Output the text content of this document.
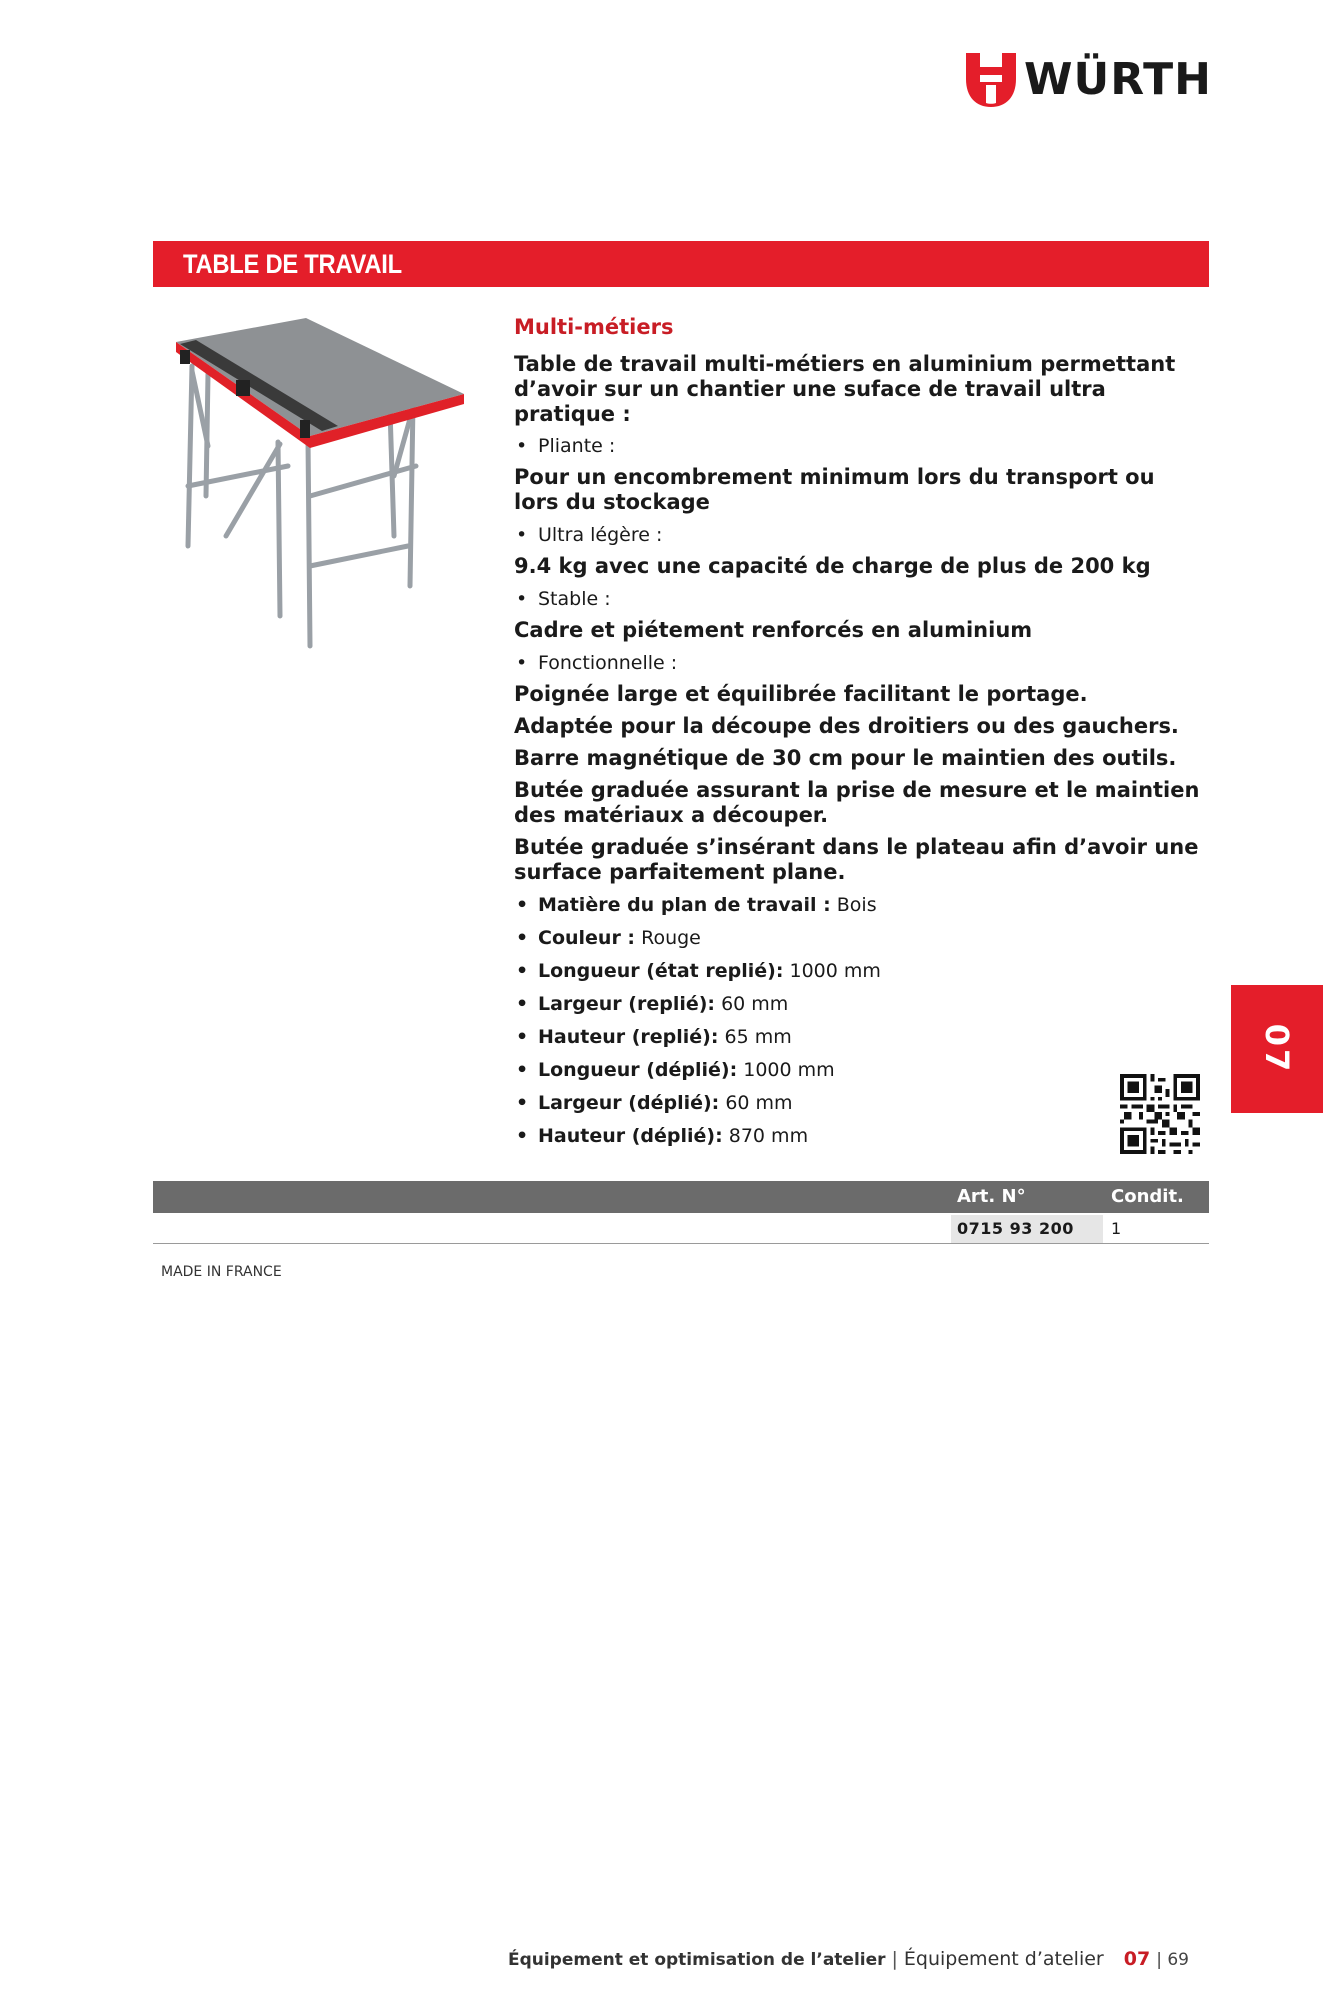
WÜRTH
TABLE DE TRAVAIL
Multi-métiers
Table de travail multi-métiers en aluminium permettant d’avoir sur un chantier une suface de travail ultra pratique :
• Pliante :
Pour un encombrement minimum lors du transport ou lors du stockage
• Ultra légère :
9.4 kg avec une capacité de charge de plus de 200 kg
• Stable :
Cadre et piétement renforcés en aluminium
• Fonctionnelle :
Poignée large et équilibrée facilitant le portage.
Adaptée pour la découpe des droitiers ou des gauchers.
Barre magnétique de 30 cm pour le maintien des outils.
Butée graduée assurant la prise de mesure et le maintien des matériaux a découper.
Butée graduée s’insérant dans le plateau afin d’avoir une surface parfaitement plane.
• Matière du plan de travail : Bois
• Couleur : Rouge
• Longueur (état replié): 1000 mm
• Largeur (replié): 60 mm
• Hauteur (replié): 65 mm
• Longueur (déplié): 1000 mm
• Largeur (déplié): 60 mm
• Hauteur (déplié): 870 mm
Art. N°	Condit.
0715 93 200	1
MADE IN FRANCE
07
Équipement et optimisation de l’atelier | Équipement d’atelier 07 | 69
